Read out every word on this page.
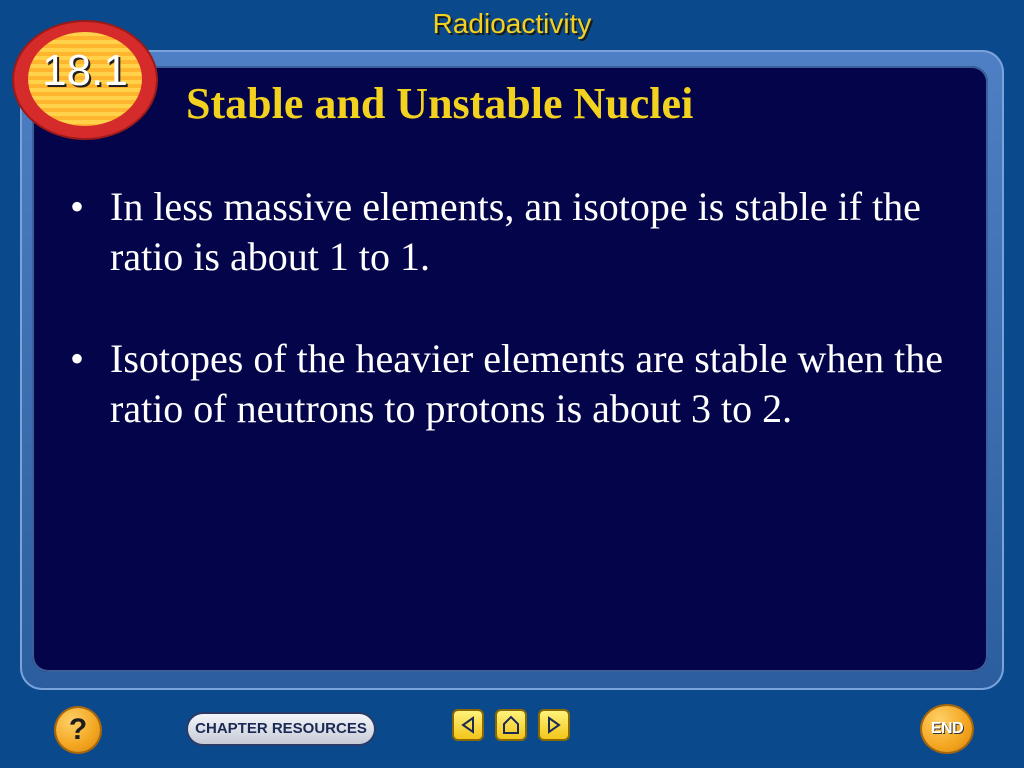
Radioactivity
18.1
Stable and Unstable Nuclei
• In less massive elements, an isotope is stable if the ratio is about 1 to 1.
• Isotopes of the heavier elements are stable when the ratio of neutrons to protons is about 3 to 2.
?	CHAPTER RESOURCES	END
